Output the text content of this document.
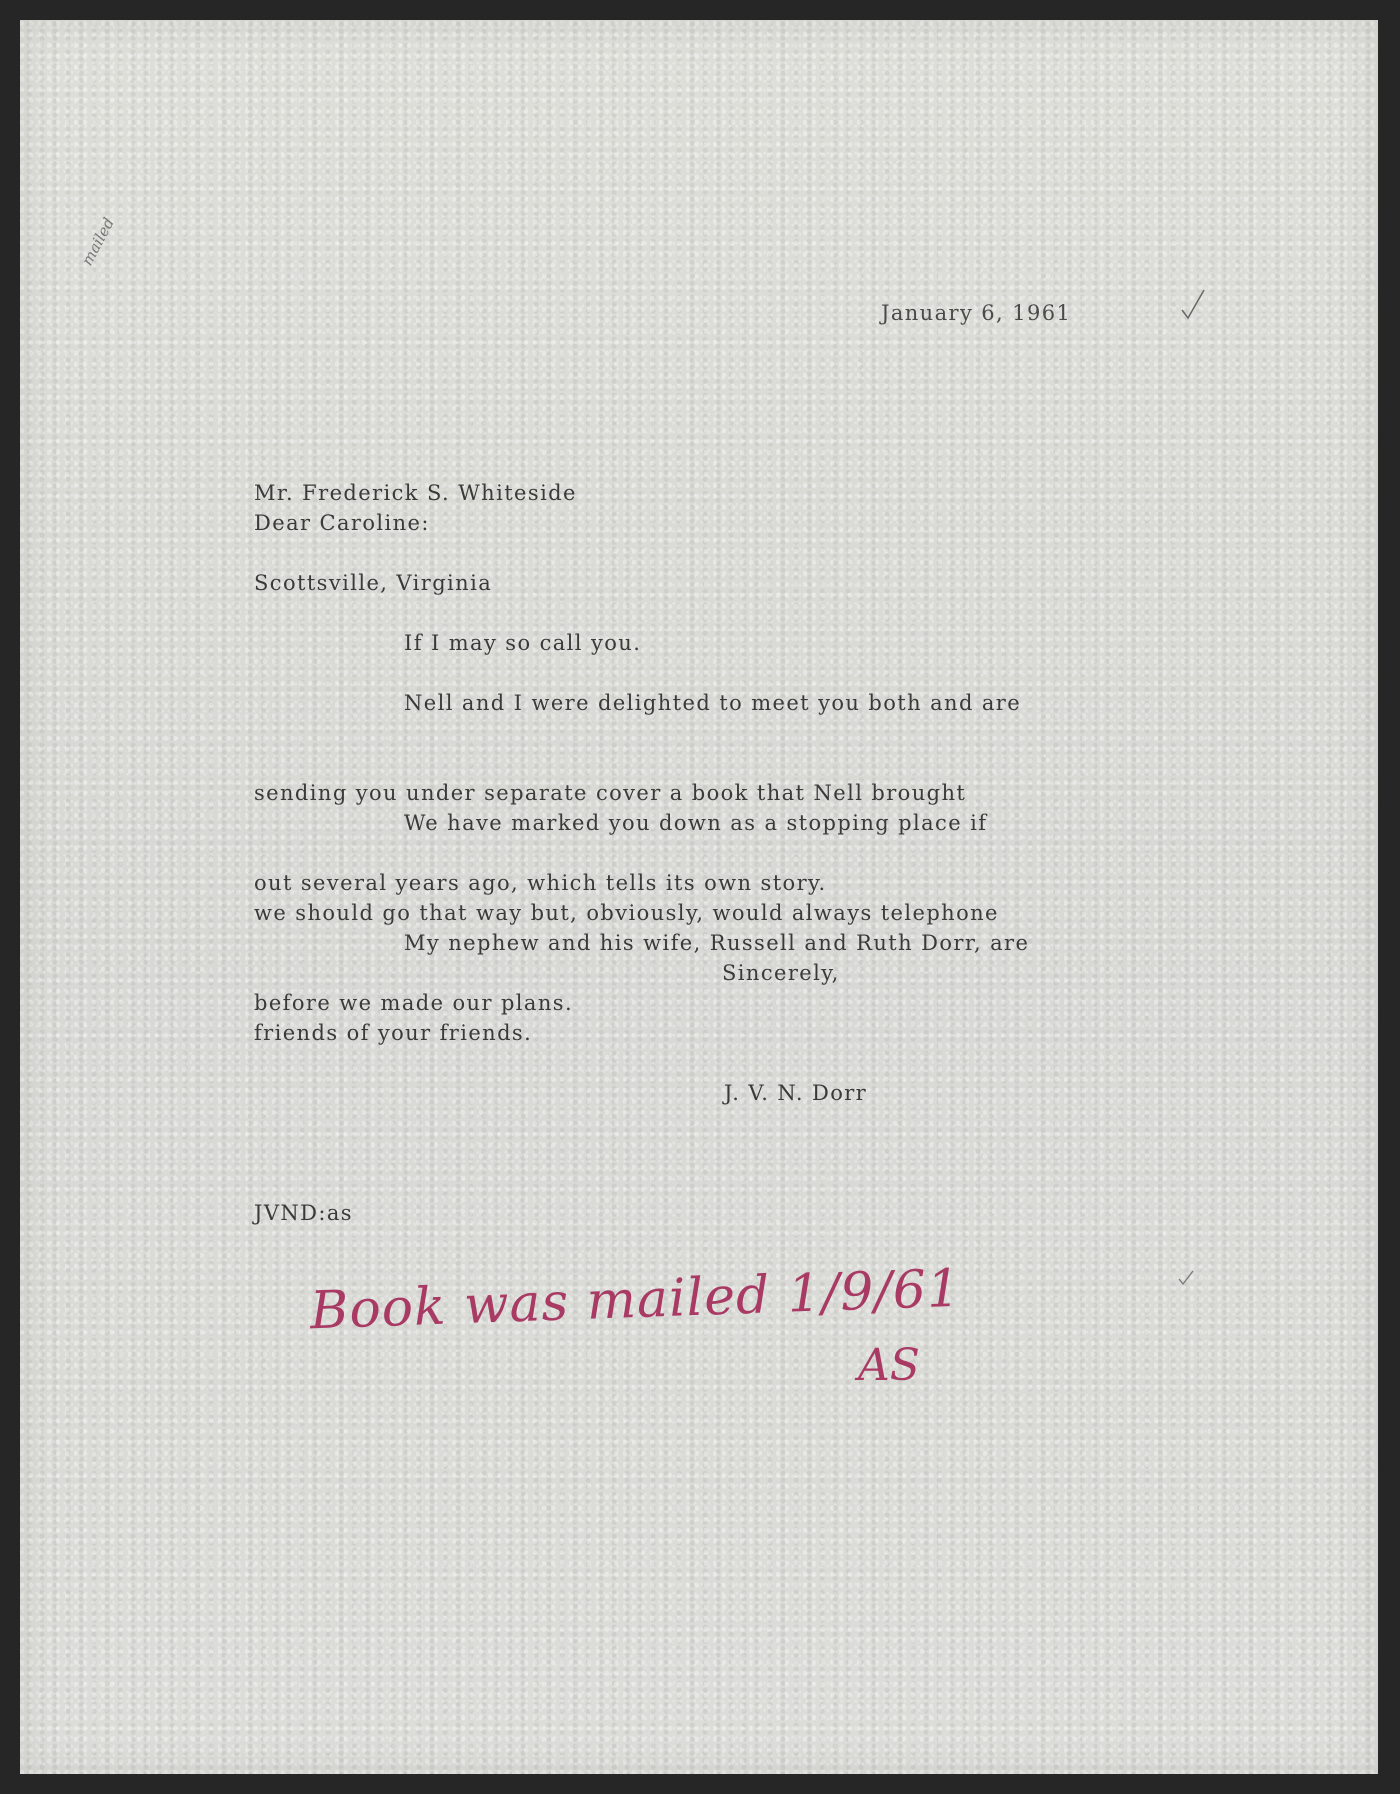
mailed

January 6, 1961

Mr. Frederick S. Whiteside

Scottsville, Virginia

Dear Caroline:

If I may so call you.

Nell and I were delighted to meet you both and are

sending you under separate cover a book that Nell brought

out several years ago, which tells its own story.

We have marked you down as a stopping place if

we should go that way but, obviously, would always telephone

before we made our plans.

My nephew and his wife, Russell and Ruth Dorr, are

friends of your friends.

Sincerely,

J. V. N. Dorr

JVND:as

Book was mailed 1/9/61
AS
